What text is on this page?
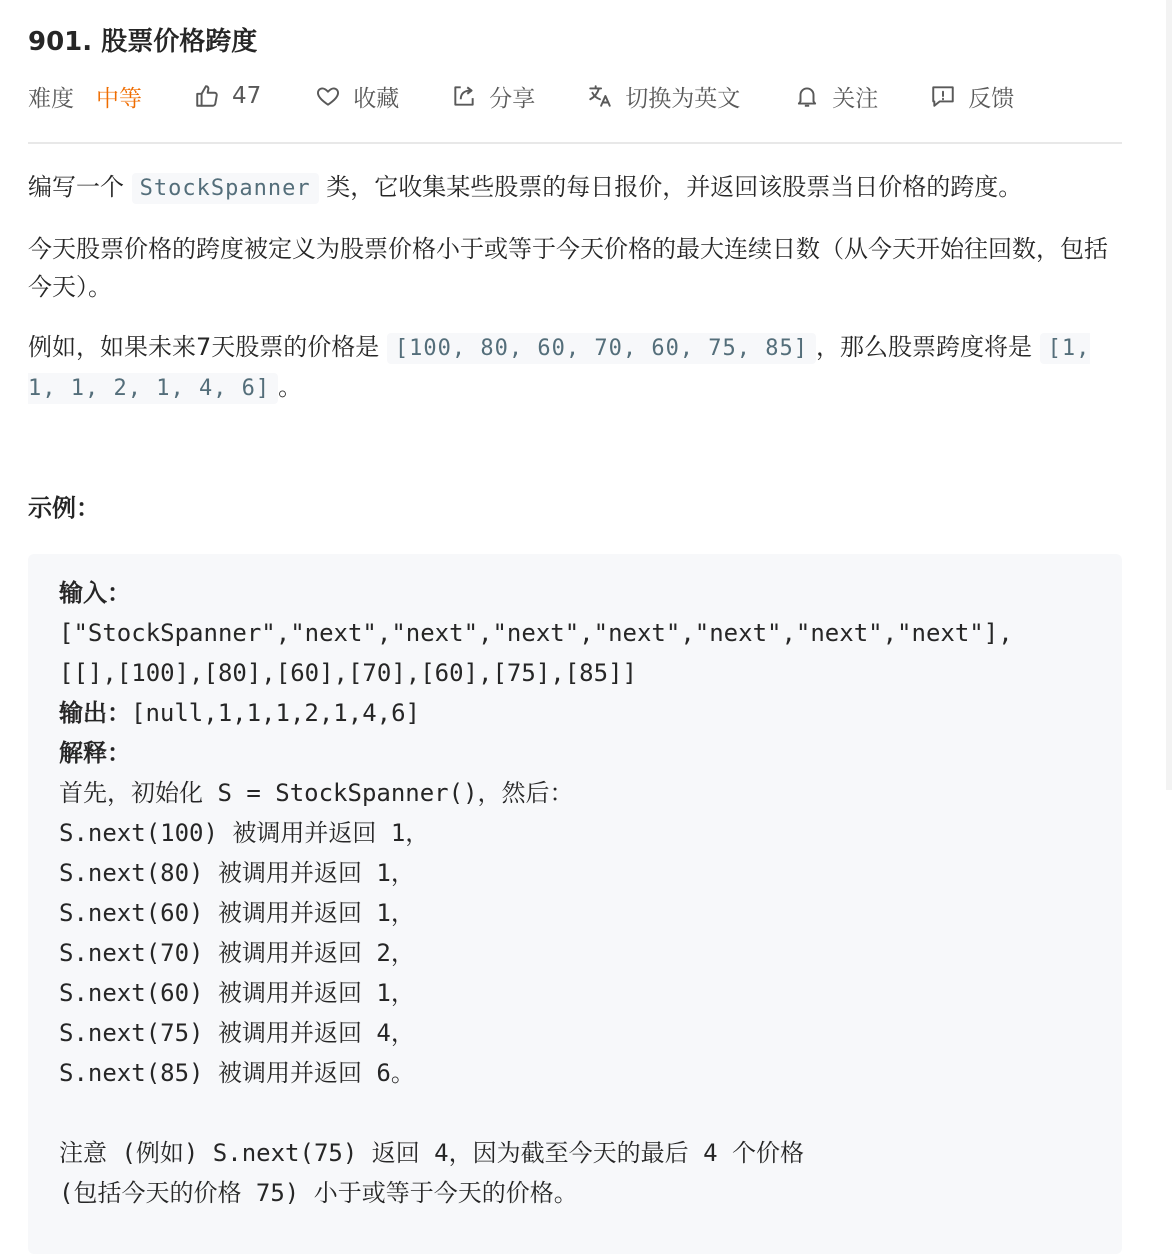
901. 股票价格跨度
难度 中等	47	收藏	分享	切换为英文	关注	反馈

编写一个 StockSpanner 类，它收集某些股票的每日报价，并返回该股票当日价格的跨度。

今天股票价格的跨度被定义为股票价格小于或等于今天价格的最大连续日数（从今天开始往回数，包括今天）。

例如，如果未来7天股票的价格是 [100, 80, 60, 70, 60, 75, 85] ，那么股票跨度将是 [1, 1, 1, 2, 1, 4, 6] 。

示例：
输入：
["StockSpanner","next","next","next","next","next","next","next"],
[[],[100],[80],[60],[70],[60],[75],[85]]
输出：[null,1,1,1,2,1,4,6]
解释：
首先，初始化 S = StockSpanner()，然后：
S.next(100) 被调用并返回 1，
S.next(80) 被调用并返回 1，
S.next(60) 被调用并返回 1，
S.next(70) 被调用并返回 2，
S.next(60) 被调用并返回 1，
S.next(75) 被调用并返回 4，
S.next(85) 被调用并返回 6。
注意 (例如) S.next(75) 返回 4，因为截至今天的最后 4 个价格
(包括今天的价格 75) 小于或等于今天的价格。
